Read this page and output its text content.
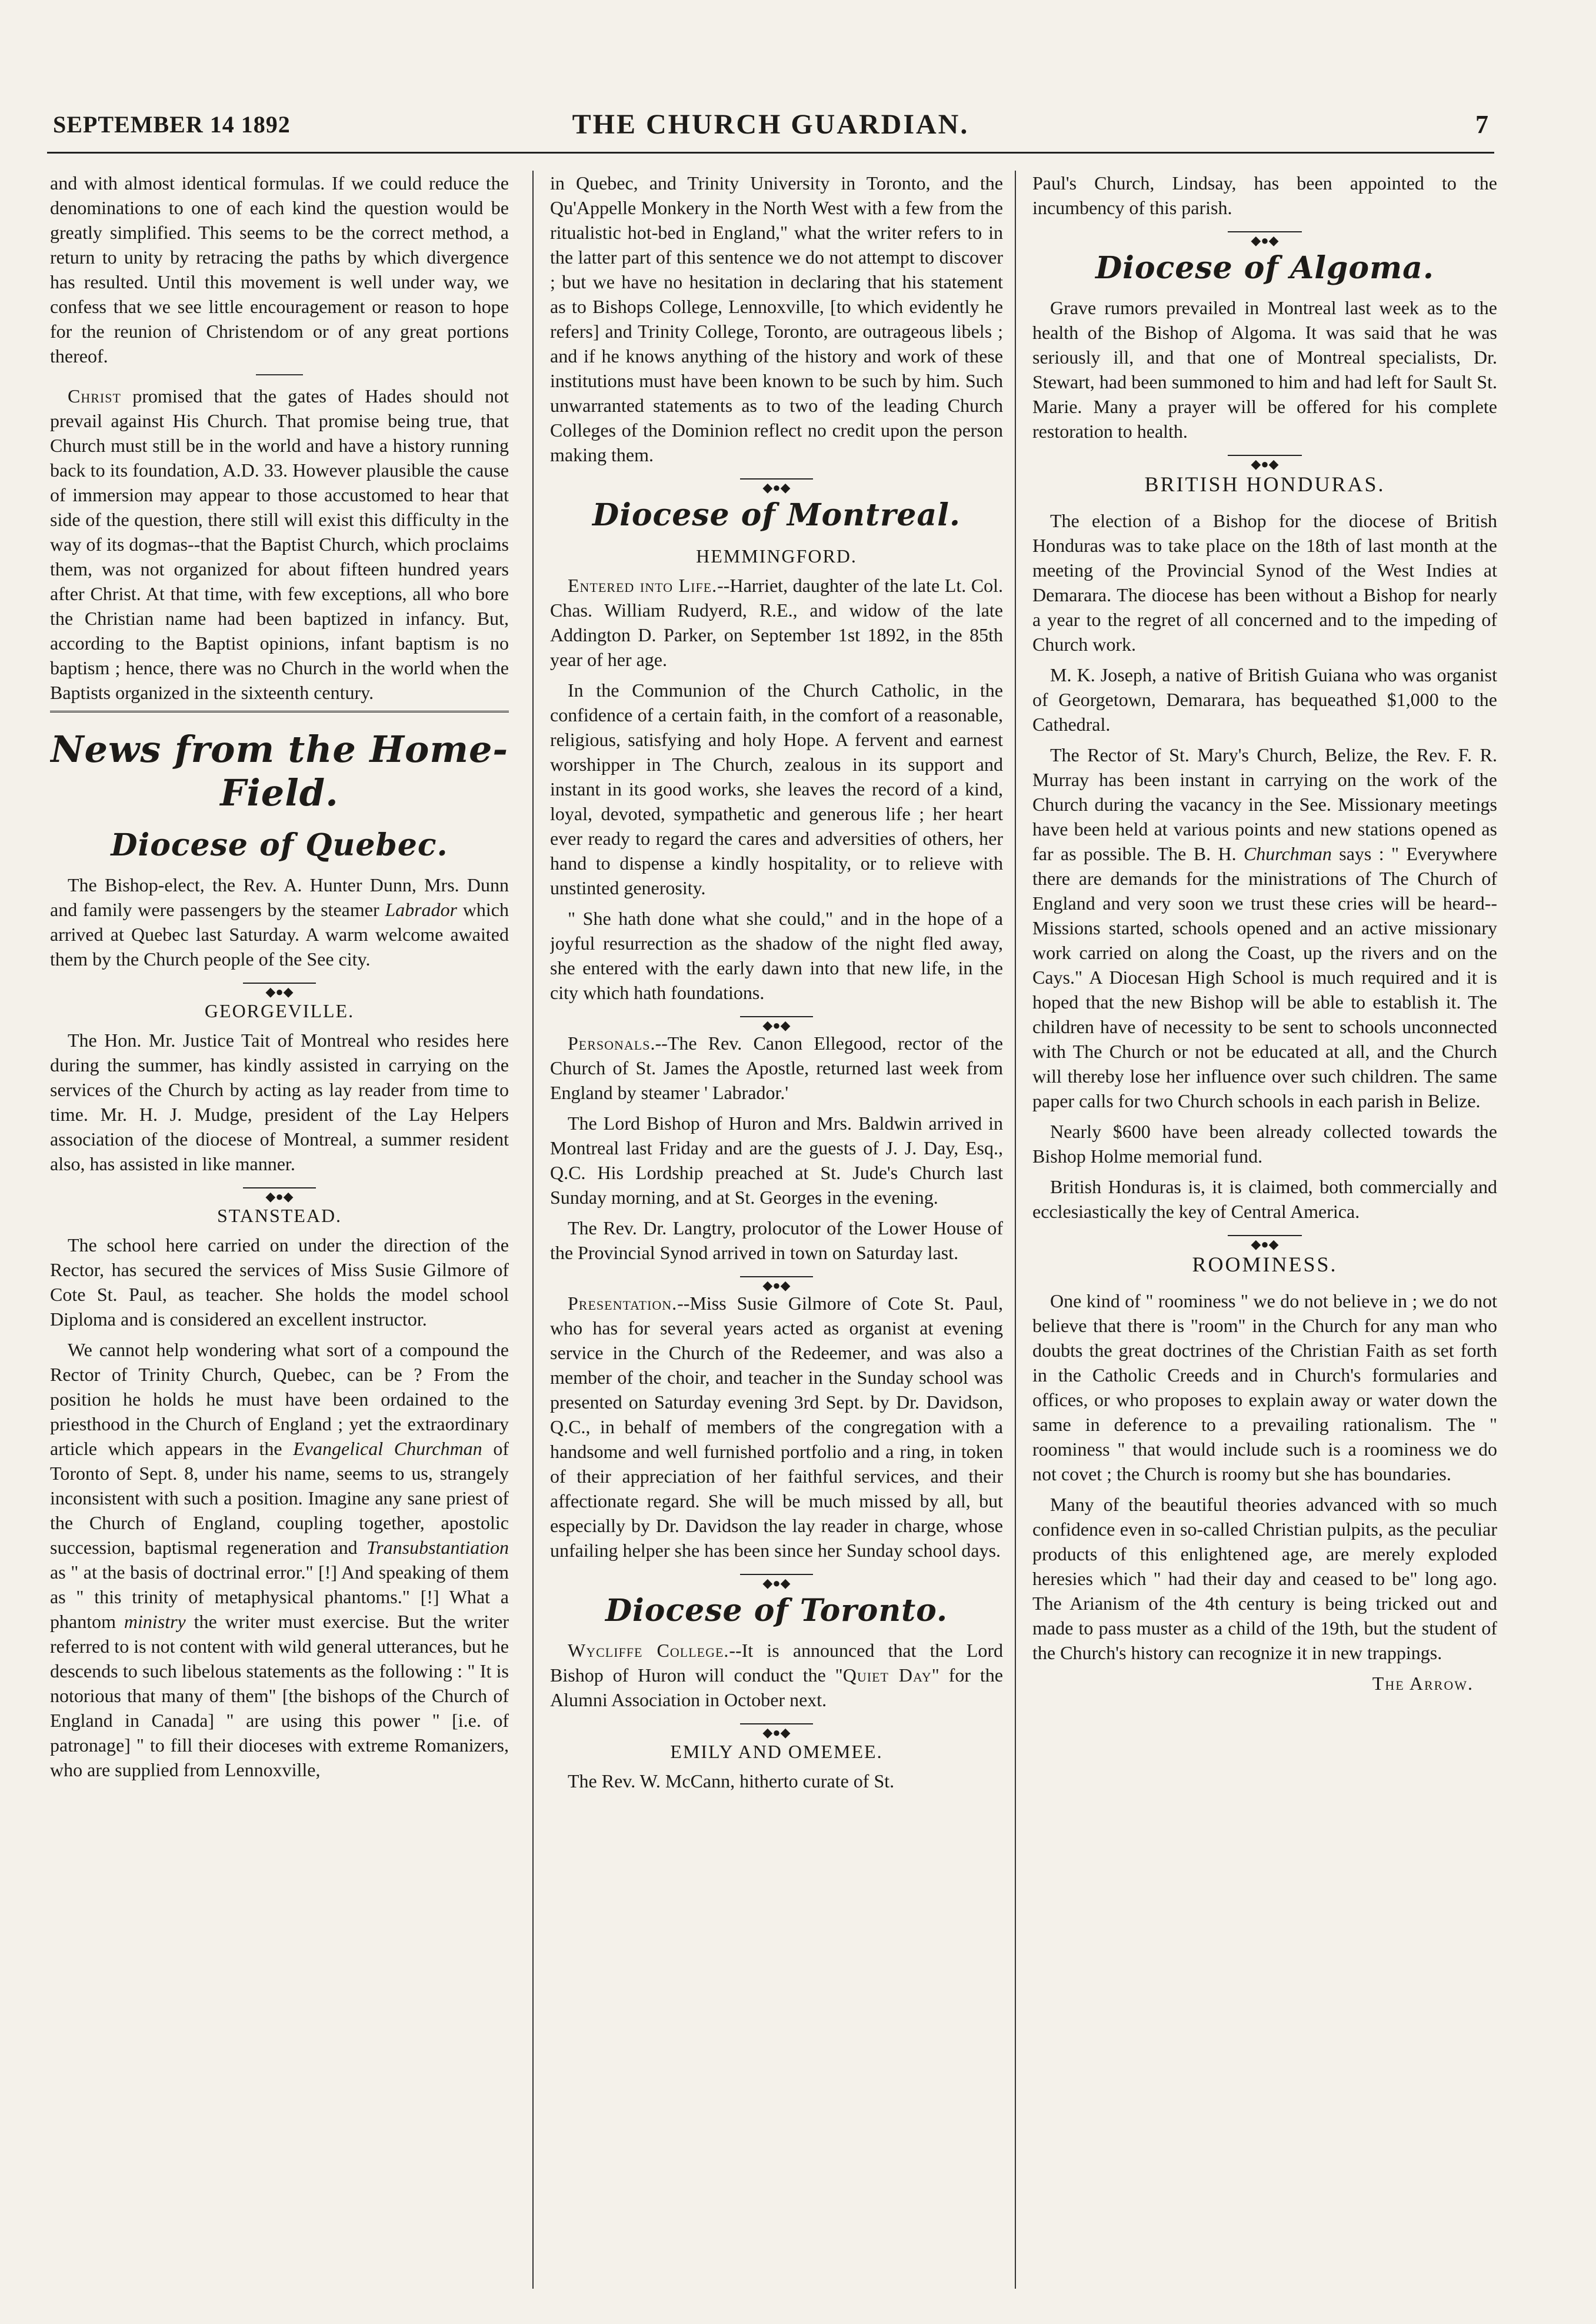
SEPTEMBER 14 1892	THE CHURCH GUARDIAN.	7

and with almost identical formulas. If we could reduce the denominations to one of each kind the question would be greatly simplified. This seems to be the correct method, a return to unity by retracing the paths by which divergence has resulted. Until this movement is well under way, we confess that we see little encouragement or reason to hope for the reunion of Christendom or of any great portions thereof.

Christ promised that the gates of Hades should not prevail against His Church. That promise being true, that Church must still be in the world and have a history running back to its foundation, A.D. 33. However plausible the cause of immersion may appear to those accustomed to hear that side of the question, there still will exist this difficulty in the way of its dogmas--that the Baptist Church, which proclaims them, was not organized for about fifteen hundred years after Christ. At that time, with few exceptions, all who bore the Christian name had been baptized in infancy. But, according to the Baptist opinions, infant baptism is no baptism ; hence, there was no Church in the world when the Baptists organized in the sixteenth century.

News from the Home-Field.
Diocese of Quebec.

The Bishop-elect, the Rev. A. Hunter Dunn, Mrs. Dunn and family were passengers by the steamer Labrador which arrived at Quebec last Saturday. A warm welcome awaited them by the Church people of the See city.

◆●◆
GEORGEVILLE.

The Hon. Mr. Justice Tait of Montreal who resides here during the summer, has kindly assisted in carrying on the services of the Church by acting as lay reader from time to time. Mr. H. J. Mudge, president of the Lay Helpers association of the diocese of Montreal, a summer resident also, has assisted in like manner.

◆●◆
STANSTEAD.

The school here carried on under the direction of the Rector, has secured the services of Miss Susie Gilmore of Cote St. Paul, as teacher. She holds the model school Diploma and is considered an excellent instructor.

We cannot help wondering what sort of a compound the Rector of Trinity Church, Quebec, can be ? From the position he holds he must have been ordained to the priesthood in the Church of England ; yet the extraordinary article which appears in the Evangelical Churchman of Toronto of Sept. 8, under his name, seems to us, strangely inconsistent with such a position. Imagine any sane priest of the Church of England, coupling together, apostolic succession, baptismal regeneration and Transubstantiation as " at the basis of doctrinal error." [!] And speaking of them as " this trinity of metaphysical phantoms." [!] What a phantom ministry the writer must exercise. But the writer referred to is not content with wild general utterances, but he descends to such libelous statements as the following : " It is notorious that many of them" [the bishops of the Church of England in Canada] " are using this power " [i.e. of patronage] " to fill their dioceses with extreme Romanizers, who are supplied from Lennoxville,

in Quebec, and Trinity University in Toronto, and the Qu'Appelle Monkery in the North West with a few from the ritualistic hot-bed in England," what the writer refers to in the latter part of this sentence we do not attempt to discover ; but we have no hesitation in declaring that his statement as to Bishops College, Lennoxville, [to which evidently he refers] and Trinity College, Toronto, are outrageous libels ; and if he knows anything of the history and work of these institutions must have been known to be such by him. Such unwarranted statements as to two of the leading Church Colleges of the Dominion reflect no credit upon the person making them.

◆●◆
Diocese of Montreal.
HEMMINGFORD.

Entered into Life.--Harriet, daughter of the late Lt. Col. Chas. William Rudyerd, R.E., and widow of the late Addington D. Parker, on September 1st 1892, in the 85th year of her age.

In the Communion of the Church Catholic, in the confidence of a certain faith, in the comfort of a reasonable, religious, satisfying and holy Hope. A fervent and earnest worshipper in The Church, zealous in its support and instant in its good works, she leaves the record of a kind, loyal, devoted, sympathetic and generous life ; her heart ever ready to regard the cares and adversities of others, her hand to dispense a kindly hospitality, or to relieve with unstinted generosity.

" She hath done what she could," and in the hope of a joyful resurrection as the shadow of the night fled away, she entered with the early dawn into that new life, in the city which hath foundations.

◆●◆

Personals.--The Rev. Canon Ellegood, rector of the Church of St. James the Apostle, returned last week from England by steamer ' Labrador.'

The Lord Bishop of Huron and Mrs. Baldwin arrived in Montreal last Friday and are the guests of J. J. Day, Esq., Q.C. His Lordship preached at St. Jude's Church last Sunday morning, and at St. Georges in the evening.

The Rev. Dr. Langtry, prolocutor of the Lower House of the Provincial Synod arrived in town on Saturday last.

◆●◆

Presentation.--Miss Susie Gilmore of Cote St. Paul, who has for several years acted as organist at evening service in the Church of the Redeemer, and was also a member of the choir, and teacher in the Sunday school was presented on Saturday evening 3rd Sept. by Dr. Davidson, Q.C., in behalf of members of the congregation with a handsome and well furnished portfolio and a ring, in token of their appreciation of her faithful services, and their affectionate regard. She will be much missed by all, but especially by Dr. Davidson the lay reader in charge, whose unfailing helper she has been since her Sunday school days.

◆●◆
Diocese of Toronto.

Wycliffe College.--It is announced that the Lord Bishop of Huron will conduct the "Quiet Day" for the Alumni Association in October next.

◆●◆
EMILY AND OMEMEE.

The Rev. W. McCann, hitherto curate of St.

Paul's Church, Lindsay, has been appointed to the incumbency of this parish.

◆●◆
Diocese of Algoma.

Grave rumors prevailed in Montreal last week as to the health of the Bishop of Algoma. It was said that he was seriously ill, and that one of Montreal specialists, Dr. Stewart, had been summoned to him and had left for Sault St. Marie. Many a prayer will be offered for his complete restoration to health.

◆●◆
BRITISH HONDURAS.

The election of a Bishop for the diocese of British Honduras was to take place on the 18th of last month at the meeting of the Provincial Synod of the West Indies at Demarara. The diocese has been without a Bishop for nearly a year to the regret of all concerned and to the impeding of Church work.

M. K. Joseph, a native of British Guiana who was organist of Georgetown, Demarara, has bequeathed $1,000 to the Cathedral.

The Rector of St. Mary's Church, Belize, the Rev. F. R. Murray has been instant in carrying on the work of the Church during the vacancy in the See. Missionary meetings have been held at various points and new stations opened as far as possible. The B. H. Churchman says : " Everywhere there are demands for the ministrations of The Church of England and very soon we trust these cries will be heard--Missions started, schools opened and an active missionary work carried on along the Coast, up the rivers and on the Cays." A Diocesan High School is much required and it is hoped that the new Bishop will be able to establish it. The children have of necessity to be sent to schools unconnected with The Church or not be educated at all, and the Church will thereby lose her influence over such children. The same paper calls for two Church schools in each parish in Belize.

Nearly $600 have been already collected towards the Bishop Holme memorial fund.

British Honduras is, it is claimed, both commercially and ecclesiastically the key of Central America.

◆●◆
ROOMINESS.

One kind of " roominess " we do not believe in ; we do not believe that there is "room" in the Church for any man who doubts the great doctrines of the Christian Faith as set forth in the Catholic Creeds and in Church's formularies and offices, or who proposes to explain away or water down the same in deference to a prevailing rationalism. The " roominess " that would include such is a roominess we do not covet ; the Church is roomy but she has boundaries.

Many of the beautiful theories advanced with so much confidence even in so-called Christian pulpits, as the peculiar products of this enlightened age, are merely exploded heresies which " had their day and ceased to be" long ago. The Arianism of the 4th century is being tricked out and made to pass muster as a child of the 19th, but the student of the Church's history can recognize it in new trappings.

The Arrow.
